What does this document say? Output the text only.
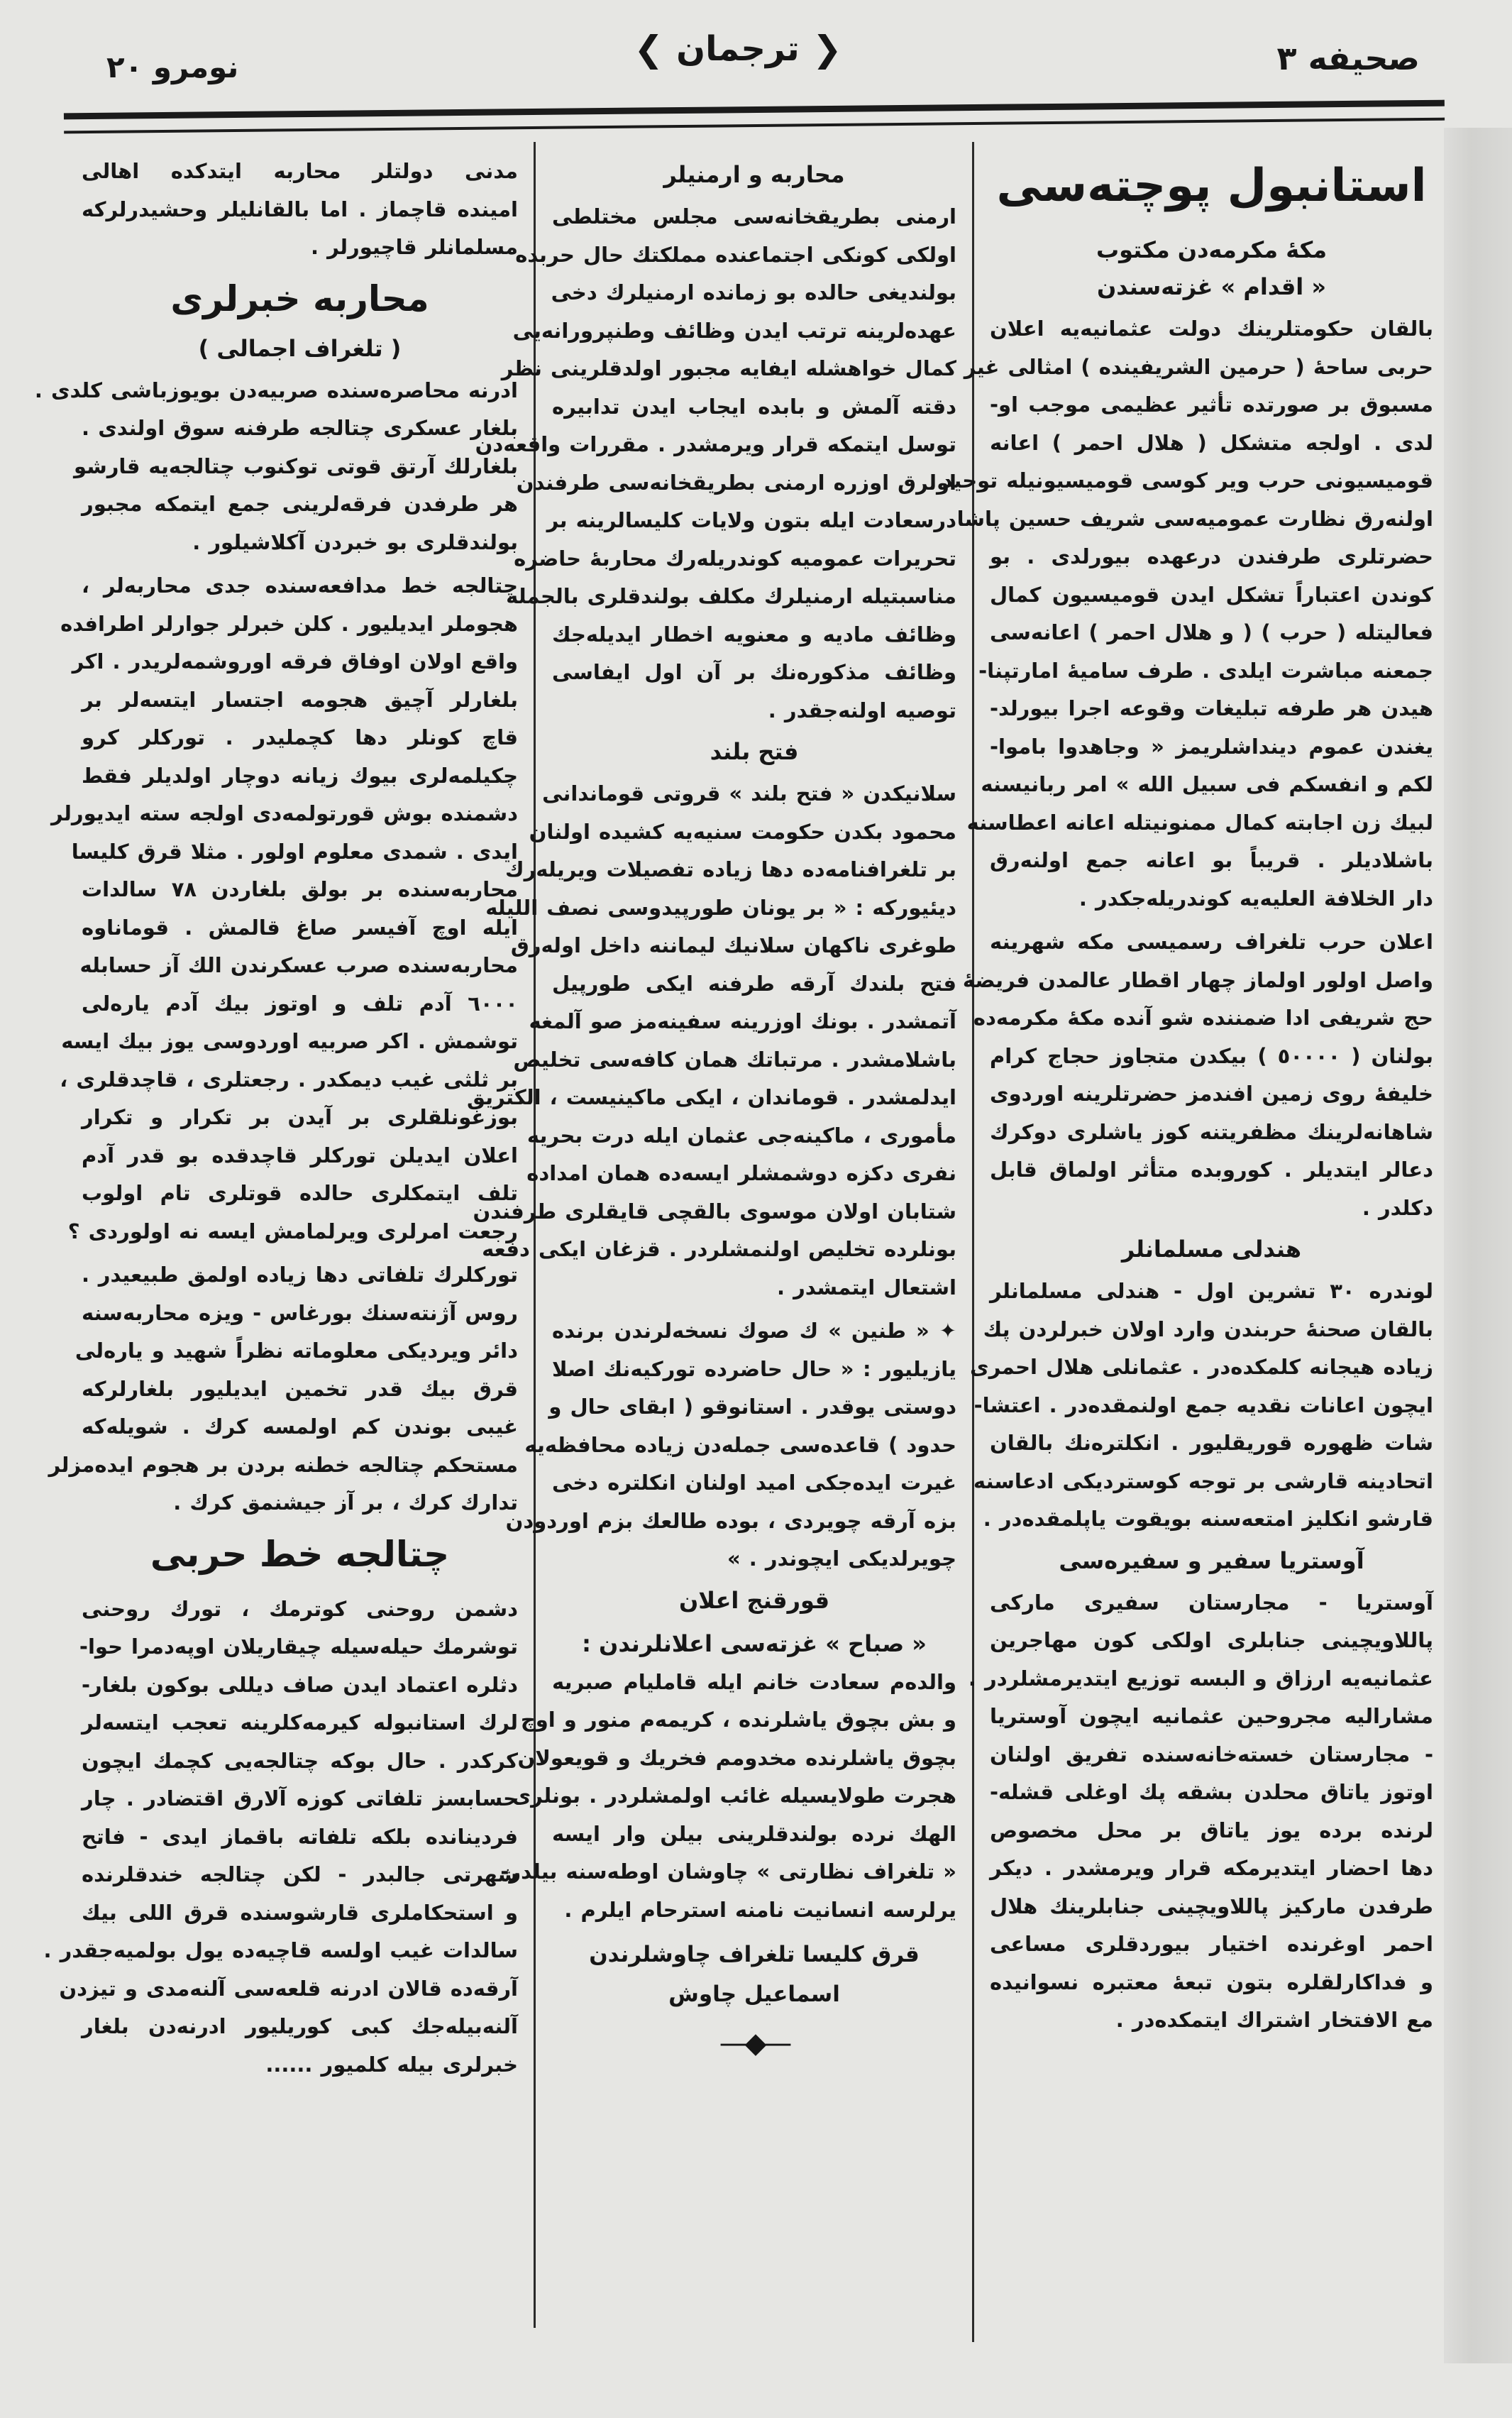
صحيفه ٣
❮
ترجمان
❯
نومرو ٢٠
استانبول پوچته‌سی
مكهٔ مكرمه‌دن مكتوب
« اقدام » غزته‌سندن
بالقان حكومتلرينك دولت عثمانيه‌يه اعلان
حربی ساحهٔ ( حرمين الشريفينده ) امثالی غير
مسبوق بر صورتده تأثير عظيمی موجب او-
لدی . اولجه متشكل ( هلال احمر ) اعانه
قوميسيونی حرب وير كوسی قوميسيونيله توحيد
اولنه‌رق نظارت عموميه‌سی شريف حسين پاشا
حضرتلری طرفندن درعهده بيورلدی . بو
كوندن اعتباراً تشكل ايدن قوميسيون كمال
فعاليتله ( حرب ) ( و هلال احمر ) اعانه‌سی
جمعنه مباشرت ايلدی . طرف ساميهٔ امارتپنا-
هيدن هر طرفه تبليغات وقوعه اجرا بيورلد-
يغندن عموم دينداشلريمز « وجاهدوا باموا-
لكم و انفسكم فی سبيل الله » امر ربانيسنه
لبيك زن اجابته كمال ممنونيتله اعانه اعطاسنه
باشلاديلر . قريباً بو اعانه جمع اولنه‌رق
دار الخلافة العليه‌يه كوندريله‌جكدر .
اعلان حرب تلغراف رسميسی مكه شهرينه
واصل اولور اولماز چهار اقطار عالمدن فريضهٔ
حج شريفی ادا ضمننده شو آنده مكهٔ مكرمه‌ده
بولنان ( ٥٠٠٠٠ ) بيكدن متجاوز حجاج كرام
خليفهٔ روی زمين افندمز حضرتلرينه اوردوی
شاهانه‌لرينك مظفريتنه كوز ياشلری دوكرك
دعالر ايتديلر . كوروبده متأثر اولماق قابل
دكلدر .
هندلی مسلمانلر
لوندره ٣٠ تشرين اول - هندلی مسلمانلر
بالقان صحنهٔ حربندن وارد اولان خبرلردن پك
زياده هيجانه كلمكده‌در . عثمانلی هلال احمری
ايچون اعانات نقديه جمع اولنمقده‌در . اعتشا-
شات ظهوره قوريقليور . انكلتره‌نك بالقان
اتحادينه قارشی بر توجه كوسترديكی ادعاسنه
قارشو انكليز امتعه‌سنه بويقوت ياپلمقده‌در .
آوستريا سفير و سفيره‌سی
آوستريا - مجارستان سفيری ماركی
پاللاويچينی جنابلری اولكی كون مهاجرين
عثمانيه‌يه ارزاق و البسه توزيع ايتديرمشلردر .
مشاراليه مجروحين عثمانيه ايچون آوستريا
- مجارستان خسته‌خانه‌سنده تفريق اولنان
اوتوز ياتاق محلدن بشقه پك اوغلی قشله-
لرنده برده يوز ياتاق بر محل مخصوص
دها احضار ايتديرمكه قرار ويرمشدر . ديكر
طرفدن ماركيز پاللاويچينی جنابلرينك هلال
احمر اوغرنده اختيار بيوردقلری مساعی
و فداكارلقلره بتون تبعهٔ معتبره نسوانيده
مع الافتخار اشتراك ايتمكده‌در .
محاربه و ارمنيلر
ارمنی بطريقخانه‌سی مجلس مختلطی
اولكی كونكی اجتماعنده مملكتك حال حربده
بولنديغی حالده بو زمانده ارمنيلرك دخی
عهده‌لرينه ترتب ايدن وظائف وطنپرورانه‌يی
كمال خواهشله ايفايه مجبور اولدقلرينی نظر
دقته آلمش و بابده ايجاب ايدن تدابيره
توسل ايتمكه قرار ويرمشدر . مقررات واقعه‌دن
اولرق اوزره ارمنی بطريقخانه‌سی طرفندن
درسعادت ايله بتون ولايات كليسالرينه بر
تحريرات عموميه كوندريله‌رك محاربهٔ حاضره
مناسبتيله ارمنيلرك مكلف بولندقلری بالجمله
وظائف ماديه و معنويه اخطار ايديله‌جك
وظائف مذكوره‌نك بر آن اول ايفاسی
توصيه اولنه‌جقدر .
فتح بلند
سلانيكدن « فتح بلند » قروتی قوماندانی
محمود بكدن حكومت سنيه‌يه كشيده اولنان
بر تلغرافنامه‌ده دها زياده تفصيلات ويريله‌رك
ديئيوركه : « بر يونان طورپيدوسی نصف الليله
طوغری ناكهان سلانيك ليماننه داخل اوله‌رق
فتح بلندك آرقه طرفنه ايكی طورپيل
آتمشدر . بونك اوزرينه سفينه‌مز صو آلمغه
باشلامشدر . مرتباتك همان كافه‌سی تخليص
ايدلمشدر . قوماندان ، ايكی ماكينيست ، الكتريق
مأموری ، ماكينه‌جی عثمان ايله درت بحريه
نفری دكزه دوشمشلر ايسه‌ده همان امداده
شتابان اولان موسوی بالقچی قايقلری طرفندن
بونلرده تخليص اولنمشلردر . قزغان ايكی دفعه
اشتعال ايتمشدر .
✦ « طنين » ك صوك نسخه‌لرندن برنده
يازيليور : « حال حاضرده توركيه‌نك اصلا
دوستی يوقدر . استانوقو ( ابقای حال و
حدود ) قاعده‌سی جمله‌دن زياده محافظه‌يه
غيرت ايده‌جكی اميد اولنان انكلتره دخی
بزه آرقه چويردی ، بوده طالعك بزم اوردودن
چويرلديكی ايچوندر . »
قورقنج اعلان
« صباح » غزته‌سی اعلانلرندن :
والده‌م سعادت خانم ايله قامليام صبريه
و بش بچوق ياشلرنده ، كريمه‌م منور و اوچ
بچوق ياشلرنده مخدومم فخريك و قويعولان
هجرت طولايسيله غائب اولمشلردر . بونلری
الهك نرده بولندقلرينی بيلن وار ايسه
« تلغراف نظارتی » چاوشان اوطه‌سنه بيلدر-
يرلرسه انسانيت نامنه استرحام ايلرم .
قرق كليسا تلغراف چاوشلرندن
اسماعيل چاوش
—◆—
مدنی دولتلر محاربه ايتدكده اهالی
امينده قاچماز . اما بالقانليلر وحشيدرلركه
مسلمانلر قاچيورلر .
محاربه خبرلری
( تلغراف اجمالی )
ادرنه محاصره‌سنده صربيه‌دن بويوزباشی كلدی .
بلغار عسكری چتالجه طرفنه سوق اولندی .
بلغارلك آرتق قوتی توكنوب چتالجه‌يه قارشو
هر طرفدن فرقه‌لرينی جمع ايتمكه مجبور
بولندقلری بو خبردن آكلاشيلور .
چتالجه خط مدافعه‌سنده جدی محاربه‌لر ،
هجوملر ايديليور . كلن خبرلر جوارلر اطرافده
واقع اولان اوفاق فرقه اوروشمه‌لريدر . اكر
بلغارلر آچيق هجومه اجتسار ايتسه‌لر بر
قاچ كونلر دها كچمليدر . توركلر كرو
چكيلمه‌لری بيوك زيانه دوچار اولديلر فقط
دشمنده بوش قورتولمه‌دی اولجه سته ايديورلر
ايدی . شمدی معلوم اولور . مثلا قرق كليسا
محاربه‌سنده بر بولق بلغاردن ٧٨ سالدات
ايله اوچ آفيسر صاغ قالمش . قوماناوه
محاربه‌سنده صرب عسكرندن الك آز حسابله
٦٠٠٠ آدم تلف و اوتوز بيك آدم ياره‌لی
توشمش . اكر صربيه اوردوسی يوز بيك ايسه
بر ثلثی غيب ديمكدر . رجعتلری ، قاچدقلری ،
بوزغونلقلری بر آيدن بر تكرار و تكرار
اعلان ايديلن توركلر قاچدقده بو قدر آدم
تلف ايتمكلری حالده قوتلری تام اولوب
رجعت امرلری ويرلمامش ايسه نه اولوردی ؟
توركلرك تلفاتی دها زياده اولمق طبيعيدر .
روس آژنته‌سنك بورغاس - ويزه محاربه‌سنه
دائر ويرديكی معلوماته نظراً شهيد و ياره‌لی
قرق بيك قدر تخمين ايديليور بلغارلركه
غيبی بوندن كم اولمسه كرك . شويله‌كه
مستحكم چتالجه خطنه بردن بر هجوم ايده‌مزلر
تدارك كرك ، بر آز جيشنمق كرك .
چتالجه خط حربی
دشمن روحنی كوترمك ، تورك روحنی
توشرمك حيله‌سيله چيقاريلان اوپه‌دمرا حوا-
دثلره اعتماد ايدن صاف ديللی بوكون بلغار-
لرك استانبوله كيرمه‌كلرينه تعجب ايتسه‌لر
كركدر . حال بوكه چتالجه‌يی كچمك ايچون
حسابسز تلفاتی كوزه آلارق اقتضادر . چار
فردينانده بلكه تلفاته باقماز ايدی - فاتح
شهرتی جالبدر - لكن چتالجه خندقلرنده
و استحكاملری قارشوسنده قرق اللی بيك
سالدات غيب اولسه قاچيه‌ده يول بولميه‌جقدر .
آرقه‌ده قالان ادرنه قلعه‌سی آلنه‌مدی و تيزدن
آلنه‌بيله‌جك كبی كوريليور ادرنه‌دن بلغار
خبرلری بيله كلميور ......
